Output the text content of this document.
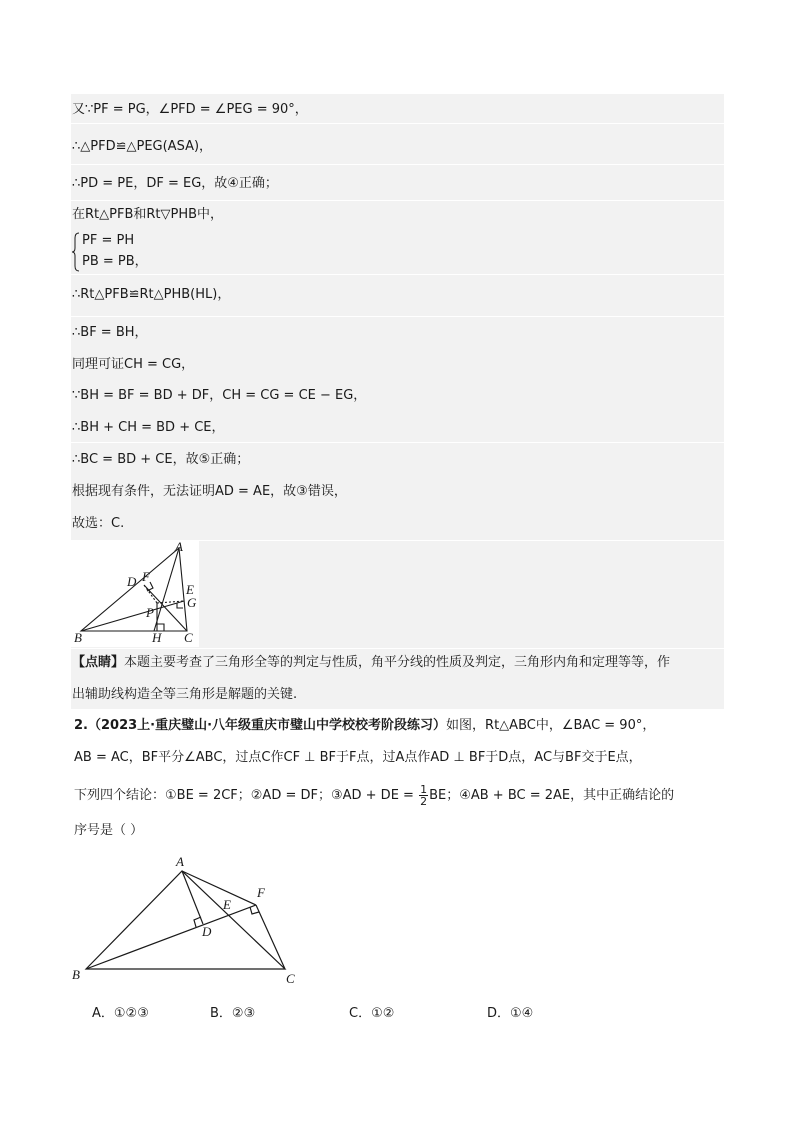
又∵PF = PG，∠PFD = ∠PEG = 90°，
∴△PFD≌△PEG(ASA)，
∴PD = PE，DF = EG，故④正确；
在Rt△PFB和Rt▽PHB中，
PF = PH
PB = PB，
∴Rt△PFB≌Rt△PHB(HL)，
∴BF = BH，
同理可证CH = CG，
∵BH = BF = BD + DF，CH = CG = CE − EG，
∴BH + CH = BD + CE，
∴BC = BD + CE，故⑤正确；
根据现有条件，无法证明AD = AE，故③错误，
故选：C.
A
D F
E
G
P
B	H C
【点睛】本题主要考查了三角形全等的判定与性质，角平分线的性质及判定，三角形内角和定理等等，作
出辅助线构造全等三角形是解题的关键.
2.（2023上·重庆璧山·八年级重庆市璧山中学校校考阶段练习）如图，Rt△ABC中，∠BAC = 90°，
AB = AC，BF平分∠ABC，过点C作CF ⊥ BF于F点，过A点作AD ⊥ BF于D点，AC与BF交于E点，
下列四个结论：①BE = 2CF；②AD = DF；③AD + DE = $\frac{1}{2}$ BE；④AB + BC = 2AE，其中正确结论的
序号是（ ）
A
F
E
D
B	C
A．①②③	B．②③	C．①②	D．①④
